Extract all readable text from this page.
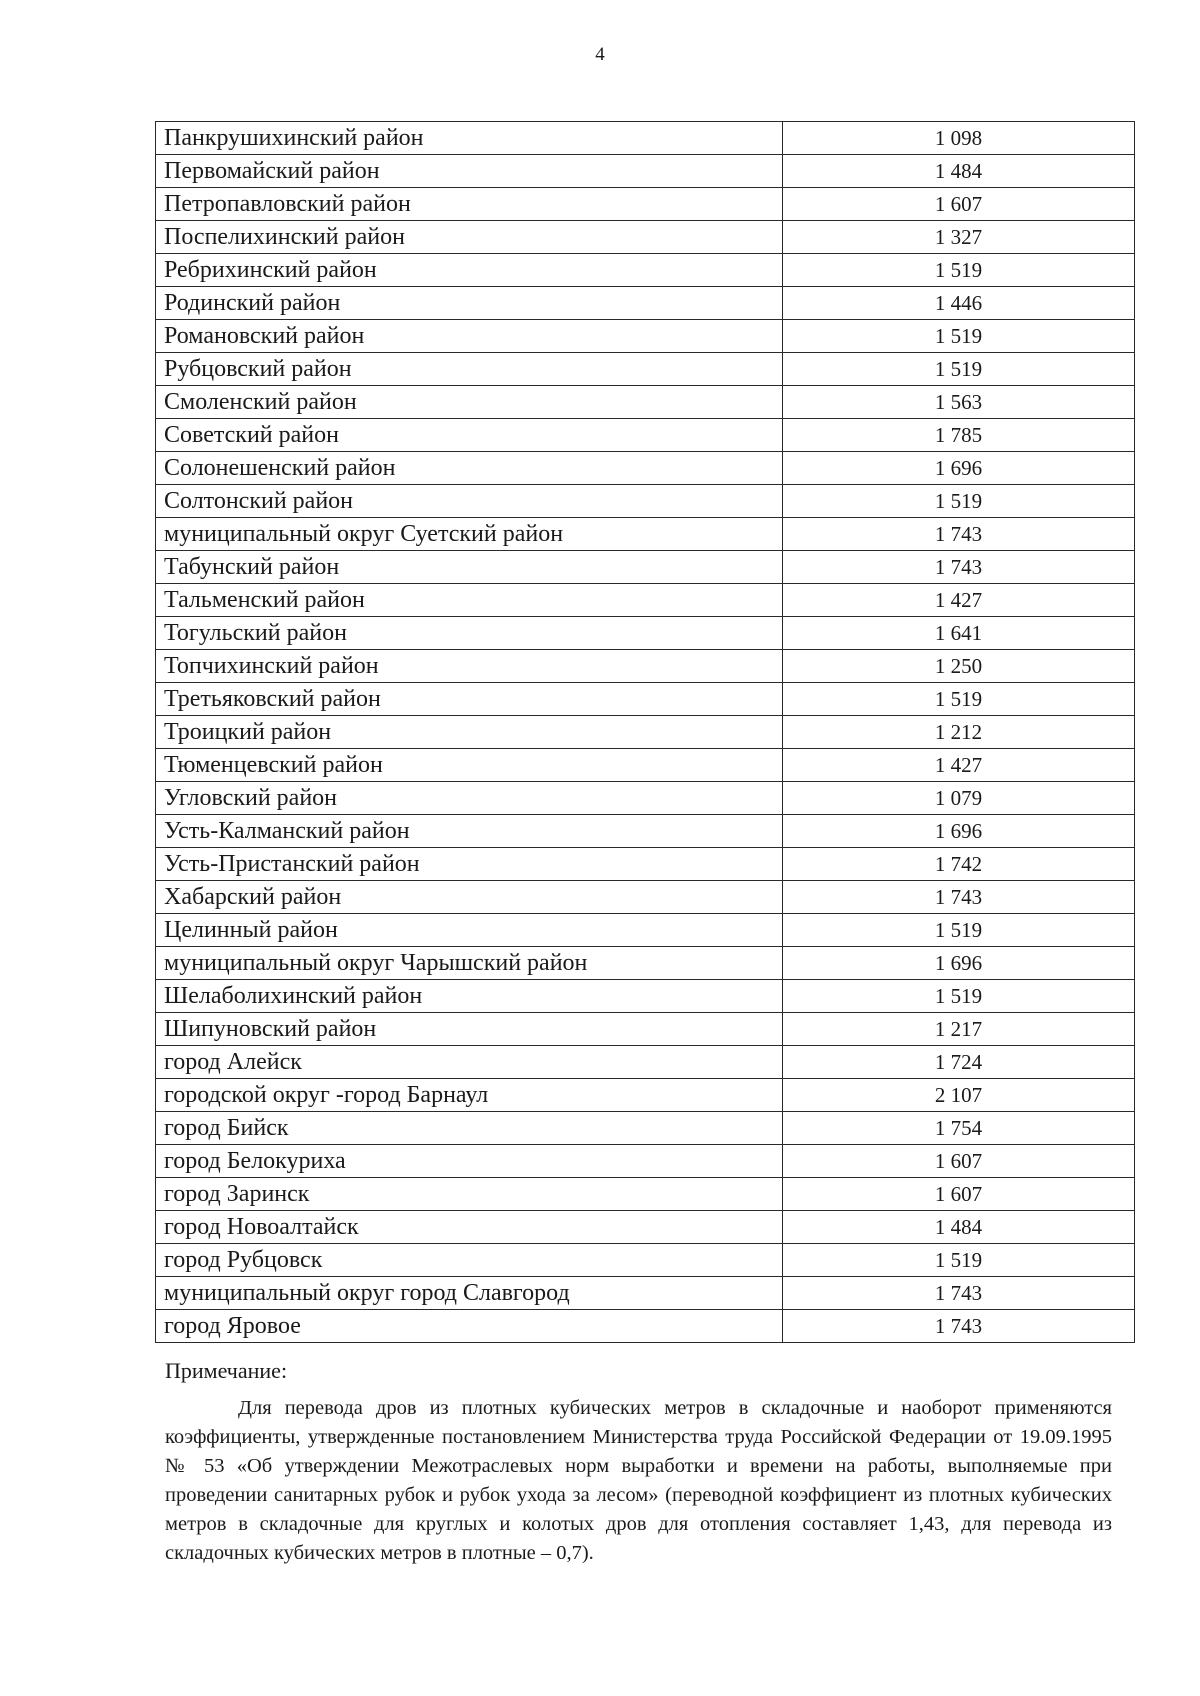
4
Панкрушихинский район	1 098
Первомайский район	1 484
Петропавловский район	1 607
Поспелихинский район	1 327
Ребрихинский район	1 519
Родинский район	1 446
Романовский район	1 519
Рубцовский район	1 519
Смоленский район	1 563
Советский район	1 785
Солонешенский район	1 696
Солтонский район	1 519
муниципальный округ Суетский район	1 743
Табунский район	1 743
Тальменский район	1 427
Тогульский район	1 641
Топчихинский район	1 250
Третьяковский район	1 519
Троицкий район	1 212
Тюменцевский район	1 427
Угловский район	1 079
Усть-Калманский район	1 696
Усть-Пристанский район	1 742
Хабарский район	1 743
Целинный район	1 519
муниципальный округ Чарышский район	1 696
Шелаболихинский район	1 519
Шипуновский район	1 217
город Алейск	1 724
городской округ -город Барнаул	2 107
город Бийск	1 754
город Белокуриха	1 607
город Заринск	1 607
город Новоалтайск	1 484
город Рубцовск	1 519
муниципальный округ город Славгород	1 743
город Яровое	1 743
Примечание:
Для перевода дров из плотных кубических метров в складочные и наоборот применяются коэффициенты, утвержденные постановлением Министерства труда Российской Федерации от 19.09.1995 № 53 «Об утверждении Межотраслевых норм выработки и времени на работы, выполняемые при проведении санитарных рубок и рубок ухода за лесом» (переводной коэффициент из плотных кубических метров в складочные для круглых и колотых дров для отопления составляет 1,43, для перевода из складочных кубических метров в плотные – 0,7).
